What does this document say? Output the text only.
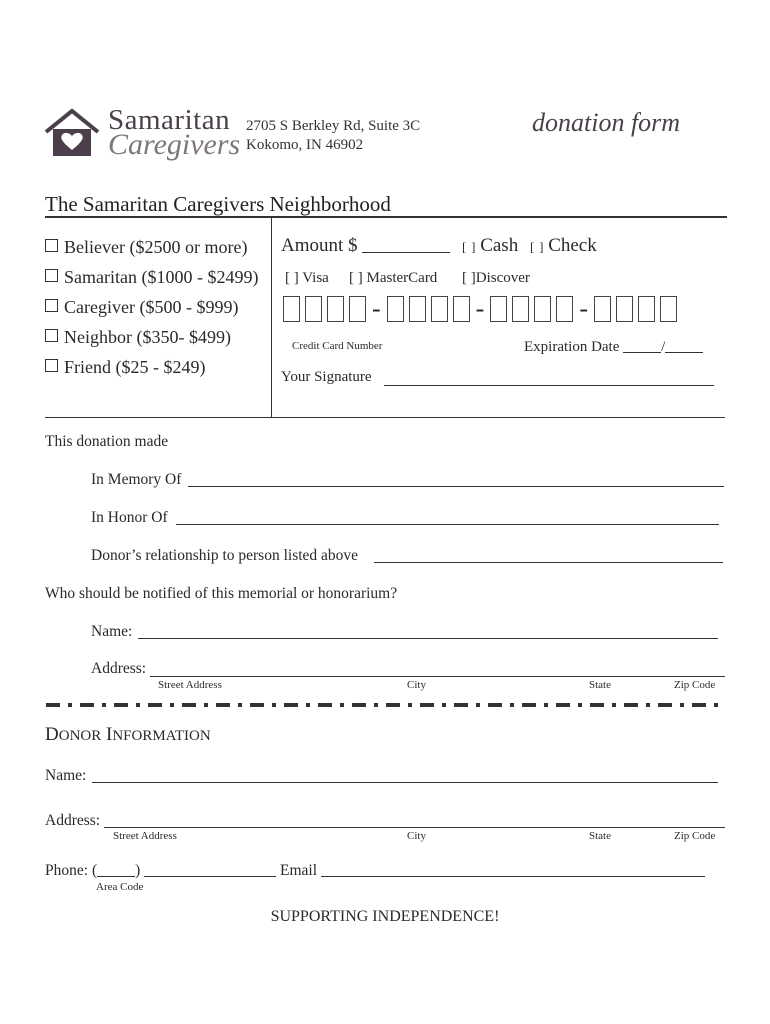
Samaritan
Caregivers
2705 S Berkley Rd, Suite 3C
Kokomo, IN 46902
donation form
The Samaritan Caregivers Neighborhood
Believer ($2500 or more)
Samaritan ($1000 - $2499)
Caregiver ($500 - $999)
Neighbor ($350- $499)
Friend ($25 - $249)
Amount $	[ ] Cash [ ] Check
[ ] Visa [ ] MasterCard [ ]Discover
-	-	-
Credit Card Number	Expiration Date	/
Your Signature
This donation made
In Memory Of
In Honor Of
Donor’s relationship to person listed above
Who should be notified of this memorial or honorarium?
Name:
Address:
Street Address	City	State	Zip Code
DONOR INFORMATION
Name:
Address:
Street Address	City	State	Zip Code
Phone: ( )	Email
Area Code
SUPPORTING INDEPENDENCE!
